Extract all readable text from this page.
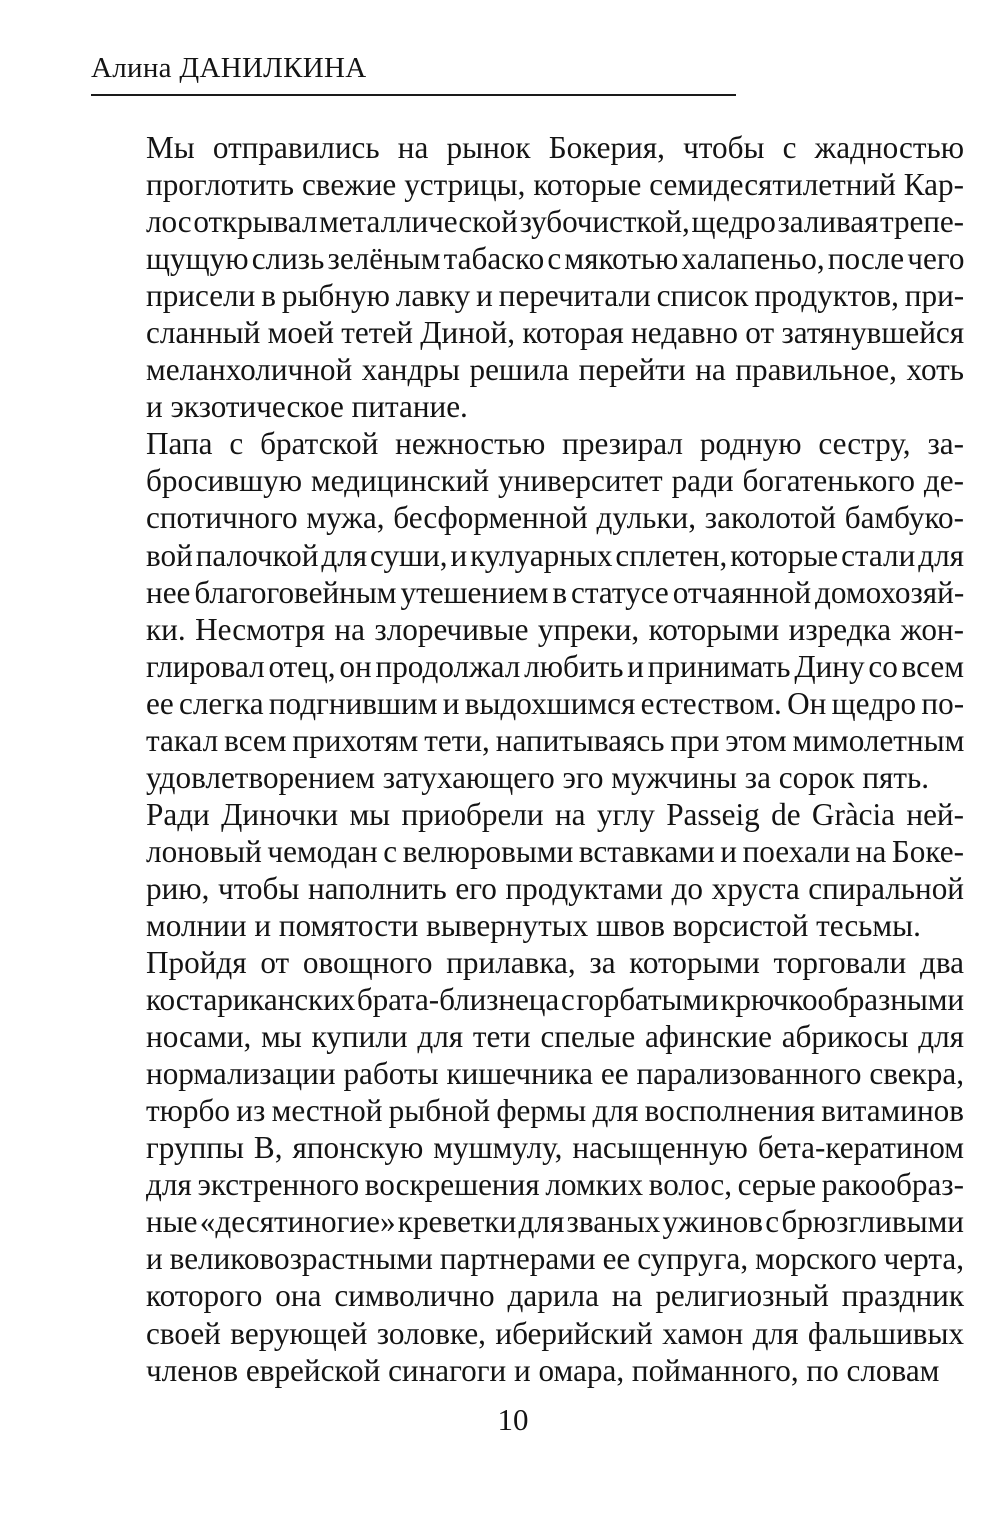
Алина ДАНИЛКИНА

Мы отправились на рынок Бокерия, чтобы с жадностью
проглотить свежие устрицы, которые семидесятилетний Кар-
лос открывал металлической зубочисткой, щедро заливая трепе-
щущую слизь зелёным табаско с мякотью халапеньо, после чего
присели в рыбную лавку и перечитали список продуктов, при-
сланный моей тетей Диной, которая недавно от затянувшейся
меланхоличной хандры решила перейти на правильное, хоть
и экзотическое питание.

Папа с братской нежностью презирал родную сестру, за-
бросившую медицинский университет ради богатенького де-
спотичного мужа, бесформенной дульки, заколотой бамбуко-
вой палочкой для суши, и кулуарных сплетен, которые стали для
нее благоговейным утешением в статусе отчаянной домохозяй-
ки. Несмотря на злоречивые упреки, которыми изредка жон-
глировал отец, он продолжал любить и принимать Дину со всем
ее слегка подгнившим и выдохшимся естеством. Он щедро по-
такал всем прихотям тети, напитываясь при этом мимолетным
удовлетворением затухающего эго мужчины за сорок пять.

Ради Диночки мы приобрели на углу Passeig de Gràcia ней-
лоновый чемодан с велюровыми вставками и поехали на Боке-
рию, чтобы наполнить его продуктами до хруста спиральной
молнии и помятости вывернутых швов ворсистой тесьмы.

Пройдя от овощного прилавка, за которыми торговали два
костариканских брата-близнеца с горбатыми крючкообразными
носами, мы купили для тети спелые афинские абрикосы для
нормализации работы кишечника ее парализованного свекра,
тюрбо из местной рыбной фермы для восполнения витаминов
группы В, японскую мушмулу, насыщенную бета-кератином
для экстренного воскрешения ломких волос, серые ракообраз-
ные «десятиногие» креветки для званых ужинов с брюзгливыми
и великовозрастными партнерами ее супруга, морского черта,
которого она символично дарила на религиозный праздник
своей верующей золовке, иберийский хамон для фальшивых
членов еврейской синагоги и омара, пойманного, по словам

10
